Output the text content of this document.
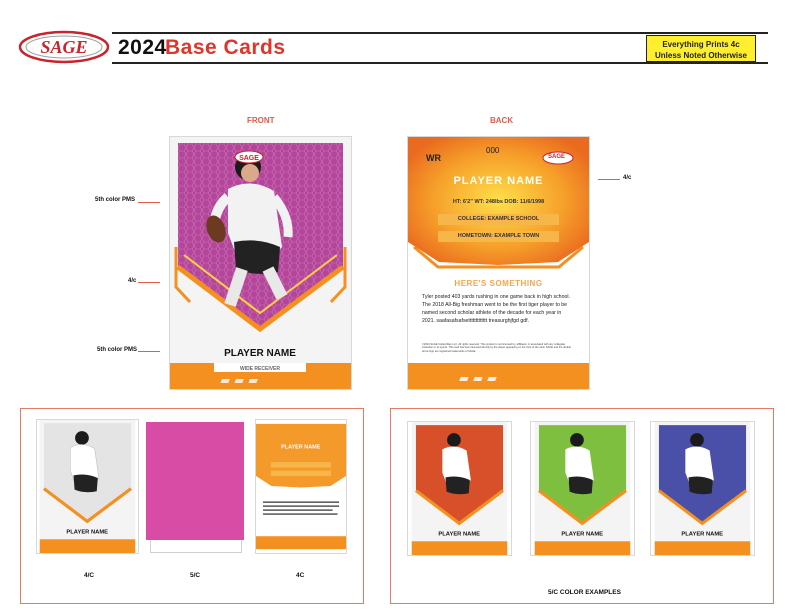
SAGE 2024
Base Cards	Everything Prints 4c
Unless Noted Otherwise
FRONT	BACK
5th color PMS
4/c
5th color PMS
4/c
SAGE
PLAYER NAME
WIDE RECEIVER
WR
000
SAGE
PLAYER NAME
HT: 6'2" WT: 248lbs DOB: 11/6/1998
COLLEGE: EXAMPLE SCHOOL
HOMETOWN: EXAMPLE TOWN
HERE'S SOMETHING
Tyler posted 403 yards rushing in one game back in high school. The 2018 All-Big freshman went to be the first tiger player to be named second scholar athlete of the decade for each year in 2021. saafasafsafsettttttttttttt treasurghjfgd gdf.
©2024 SAGE Collectibles LLC. All rights reserved. This product is not licensed by, affiliated, or associated with any collegiate institution or its sports. This card has been licensed directly by the player appearing on the front of the card. SAGE and the double arrow logo are registered trademarks of SAGE.
PLAYER NAME
PLAYER NAME
4/C	5/C	4C
PLAYER NAME	PLAYER NAME	PLAYER NAME
5/C COLOR EXAMPLES
